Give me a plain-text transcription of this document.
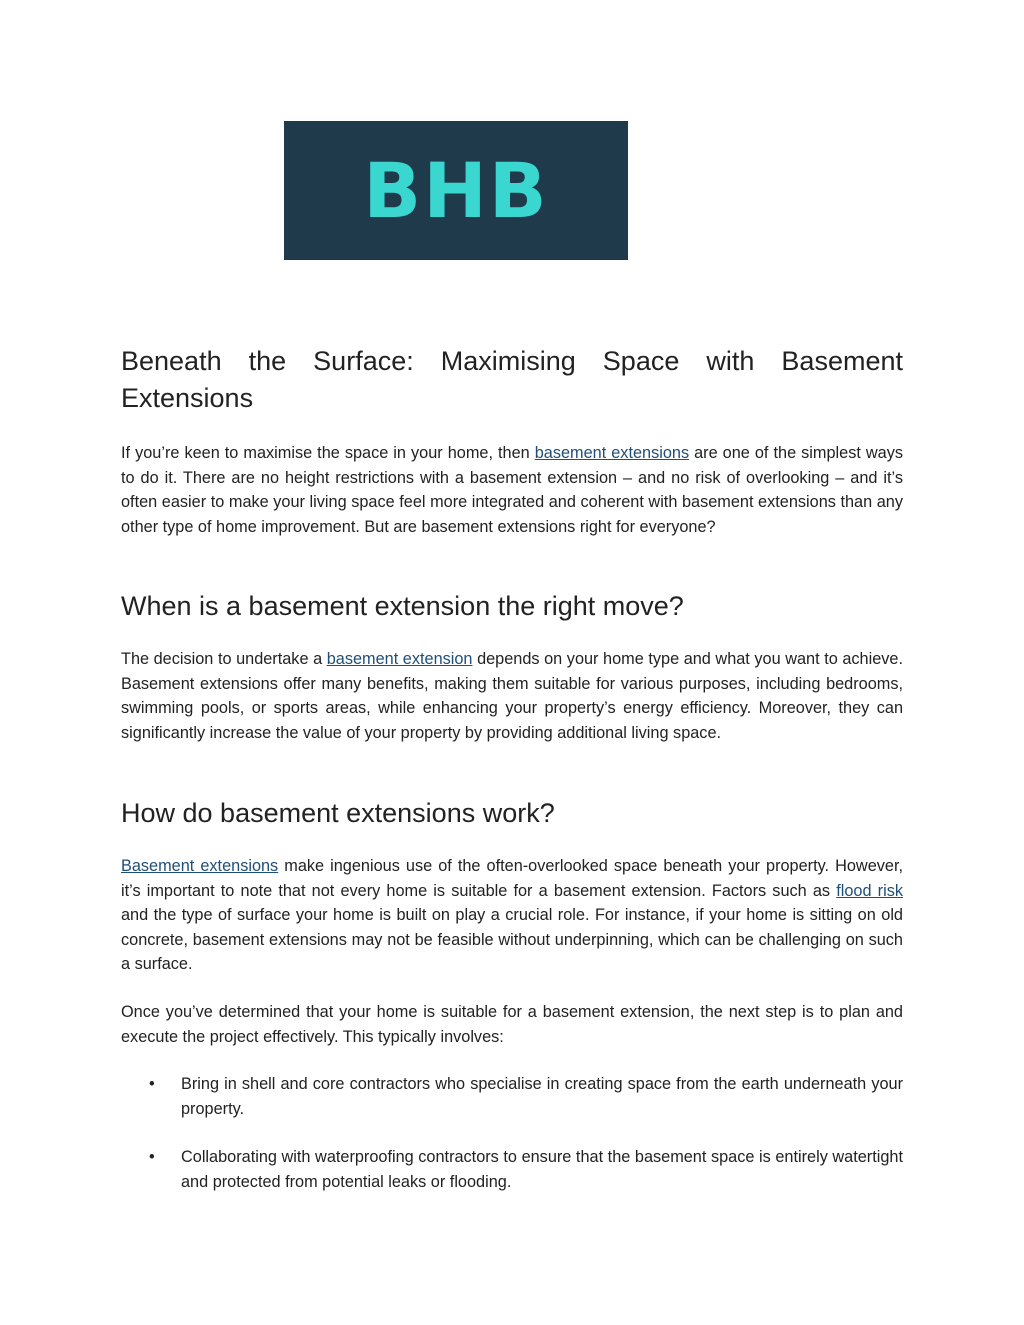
BHB
Beneath the Surface: Maximising Space with Basement Extensions

If you’re keen to maximise the space in your home, then basement extensions are one of the simplest ways to do it. There are no height restrictions with a basement extension – and no risk of overlooking – and it’s often easier to make your living space feel more integrated and coherent with basement extensions than any other type of home improvement. But are basement extensions right for everyone?

When is a basement extension the right move?

The decision to undertake a basement extension depends on your home type and what you want to achieve. Basement extensions offer many benefits, making them suitable for various purposes, including bedrooms, swimming pools, or sports areas, while enhancing your property’s energy efficiency. Moreover, they can significantly increase the value of your property by providing additional living space.

How do basement extensions work?

Basement extensions make ingenious use of the often-overlooked space beneath your property. However, it’s important to note that not every home is suitable for a basement extension. Factors such as flood risk and the type of surface your home is built on play a crucial role. For instance, if your home is sitting on old concrete, basement extensions may not be feasible without underpinning, which can be challenging on such a surface.

Once you’ve determined that your home is suitable for a basement extension, the next step is to plan and execute the project effectively. This typically involves:

• Bring in shell and core contractors who specialise in creating space from the earth underneath your property.
• Collaborating with waterproofing contractors to ensure that the basement space is entirely watertight and protected from potential leaks or flooding.
